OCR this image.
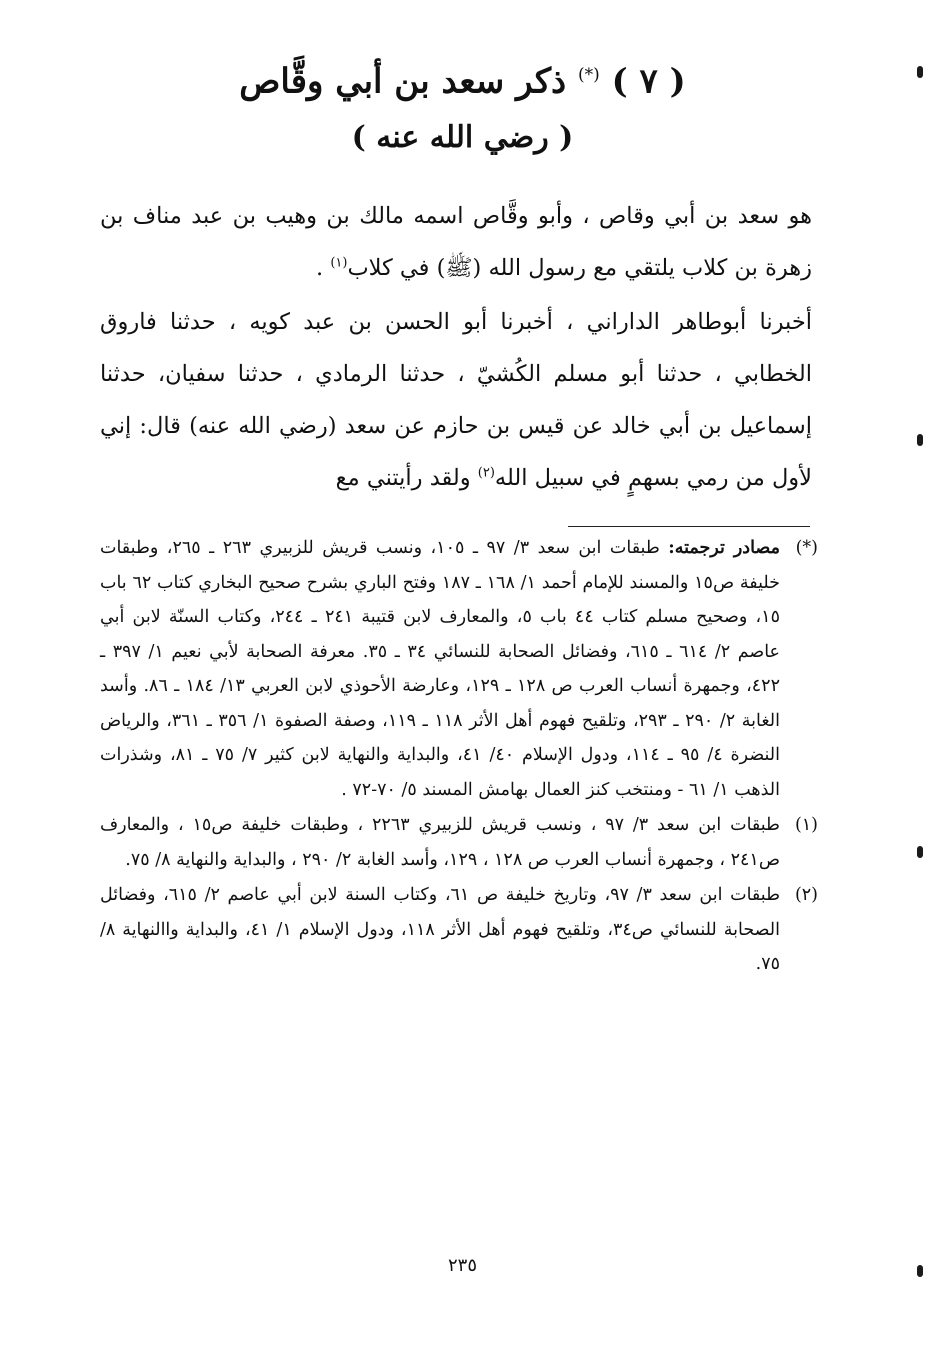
( ٧ ) (*) ذكر سعد بن أبي وقَّاص
( رضي الله عنه )
هو سعد بن أبي وقاص ، وأبو وقَّاص اسمه مالك بن وهيب بن عبد مناف بن زهرة بن كلاب يلتقي مع رسول الله (ﷺ) في كلاب$^{(١)}$ .
أخبرنا أبوطاهر الداراني ، أخبرنا أبو الحسن بن عبد كويه ، حدثنا فاروق الخطابي ، حدثنا أبو مسلم الكُشيّ ، حدثنا الرمادي ، حدثنا سفيان، حدثنا إسماعيل بن أبي خالد عن قيس بن حازم عن سعد (رضي الله عنه) قال: إني لأول من رمي بسهمٍ في سبيل الله$^{(٢)}$ ولقد رأيتني مع
(*)
مصادر ترجمته: طبقات ابن سعد ٣/ ٩٧ ـ ١٠٥، ونسب قريش للزبيري ٢٦٣ ـ ٢٦٥، وطبقات خليفة ص١٥ والمسند للإمام أحمد ١/ ١٦٨ ـ ١٨٧ وفتح الباري بشرح صحيح البخاري كتاب ٦٢ باب ١٥، وصحيح مسلم كتاب ٤٤ باب ٥، والمعارف لابن قتيبة ٢٤١ ـ ٢٤٤، وكتاب السنّة لابن أبي عاصم ٢/ ٦١٤ ـ ٦١٥، وفضائل الصحابة للنسائي ٣٤ ـ ٣٥. معرفة الصحابة لأبي نعيم ١/ ٣٩٧ ـ ٤٢٢، وجمهرة أنساب العرب ص ١٢٨ ـ ١٢٩، وعارضة الأحوذي لابن العربي ١٣/ ١٨٤ ـ ٨٦. وأسد الغابة ٢/ ٢٩٠ ـ ٢٩٣، وتلقيح فهوم أهل الأثر ١١٨ ـ ١١٩، وصفة الصفوة ١/ ٣٥٦ ـ ٣٦١، والرياض النضرة ٤/ ٩٥ ـ ١١٤، ودول الإسلام ٤٠/ ٤١، والبداية والنهاية لابن كثير ٧/ ٧٥ ـ ٨١، وشذرات الذهب ١/ ٦١ - ومنتخب كنز العمال بهامش المسند ٥/ ٧٠-٧٢ .
(١)
طبقات ابن سعد ٣/ ٩٧ ، ونسب قريش للزبيري ٢٢٦٣ ، وطبقات خليفة ص١٥ ، والمعارف ص٢٤١ ، وجمهرة أنساب العرب ص ١٢٨ ، ١٢٩، وأسد الغابة ٢/ ٢٩٠ ، والبداية والنهاية ٨/ ٧٥.
(٢)
طبقات ابن سعد ٣/ ٩٧، وتاريخ خليفة ص ٦١، وكتاب السنة لابن أبي عاصم ٢/ ٦١٥، وفضائل الصحابة للنسائي ص٣٤، وتلقيح فهوم أهل الأثر ١١٨، ودول الإسلام ١/ ٤١، والبداية واالنهاية ٨/ ٧٥.
٢٣٥
